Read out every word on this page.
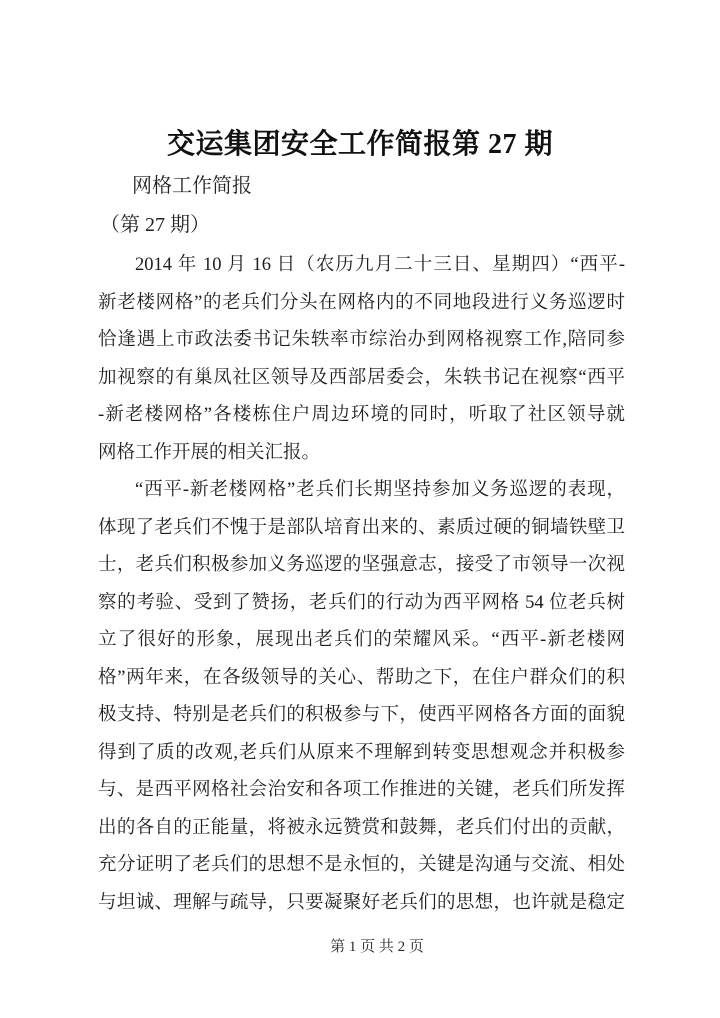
交运集团安全工作简报第 27 期
网格工作简报
（第 27 期）
2014 年 10 月 16 日（农历九月二十三日、星期四）“西平-
新老楼网格”的老兵们分头在网格内的不同地段进行义务巡逻时
恰逢遇上市政法委书记朱轶率市综治办到网格视察工作,陪同参
加视察的有巢凤社区领导及西部居委会，朱轶书记在视察“西平
-新老楼网格”各楼栋住户周边环境的同时，听取了社区领导就
网格工作开展的相关汇报。
“西平-新老楼网格”老兵们长期坚持参加义务巡逻的表现，
体现了老兵们不愧于是部队培育出来的、素质过硬的铜墙铁壁卫
士，老兵们积极参加义务巡逻的坚强意志，接受了市领导一次视
察的考验、受到了赞扬，老兵们的行动为西平网格 54 位老兵树
立了很好的形象，展现出老兵们的荣耀风采。“西平-新老楼网
格”两年来，在各级领导的关心、帮助之下，在住户群众们的积
极支持、特别是老兵们的积极参与下，使西平网格各方面的面貌
得到了质的改观,老兵们从原来不理解到转变思想观念并积极参
与、是西平网格社会治安和各项工作推进的关键，老兵们所发挥
出的各自的正能量，将被永远赞赏和鼓舞，老兵们付出的贡献，
充分证明了老兵们的思想不是永恒的，关键是沟通与交流、相处
与坦诚、理解与疏导，只要凝聚好老兵们的思想，也许就是稳定
第 1 页 共 2 页
